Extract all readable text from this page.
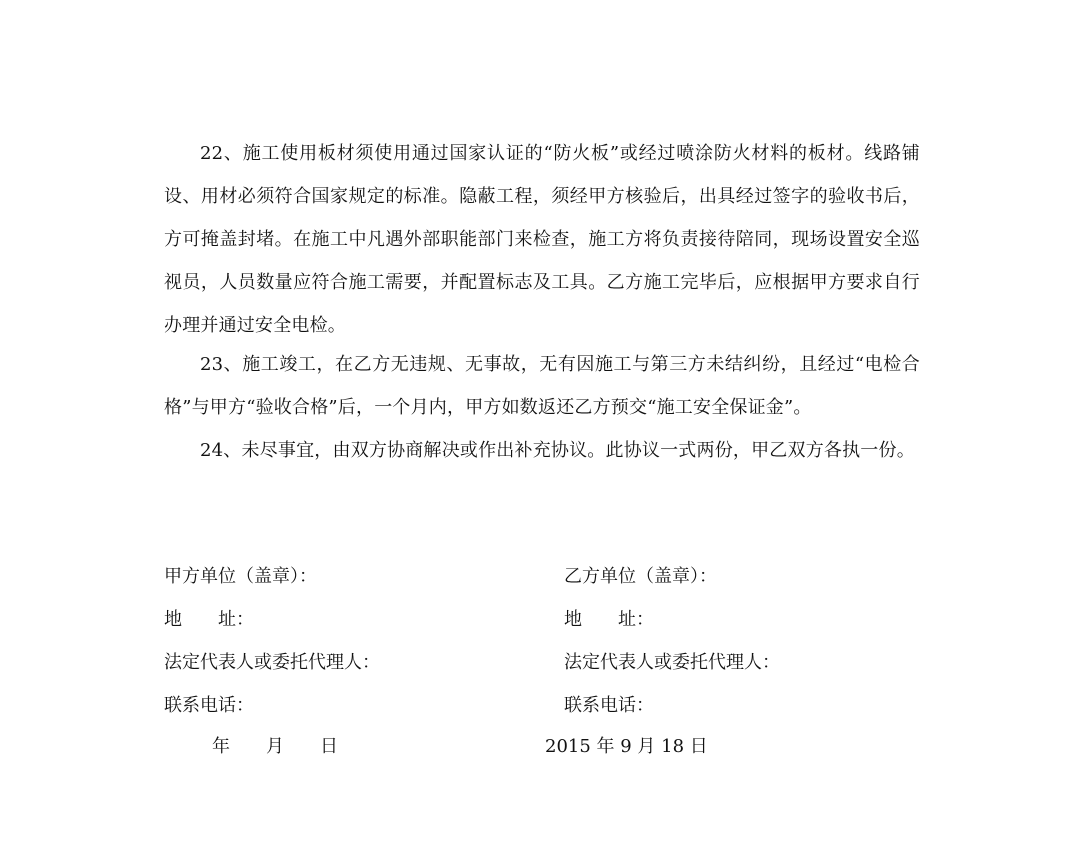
22、施工使用板材须使用通过国家认证的“防火板”或经过喷涂防火材料的板材。线路铺设、用材必须符合国家规定的标准。隐蔽工程，须经甲方核验后，出具经过签字的验收书后，方可掩盖封堵。在施工中凡遇外部职能部门来检查，施工方将负责接待陪同，现场设置安全巡视员，人员数量应符合施工需要，并配置标志及工具。乙方施工完毕后，应根据甲方要求自行办理并通过安全电检。

23、施工竣工，在乙方无违规、无事故，无有因施工与第三方未结纠纷，且经过“电检合格”与甲方“验收合格”后，一个月内，甲方如数返还乙方预交“施工安全保证金”。

24、未尽事宜，由双方协商解决或作出补充协议。此协议一式两份，甲乙双方各执一份。

甲方单位（盖章）：
地　　址：
法定代表人或委托代理人：
联系电话：
年　　月　　日
乙方单位（盖章）：
地　　址：
法定代表人或委托代理人：
联系电话：
2015 年 9 月 18 日
